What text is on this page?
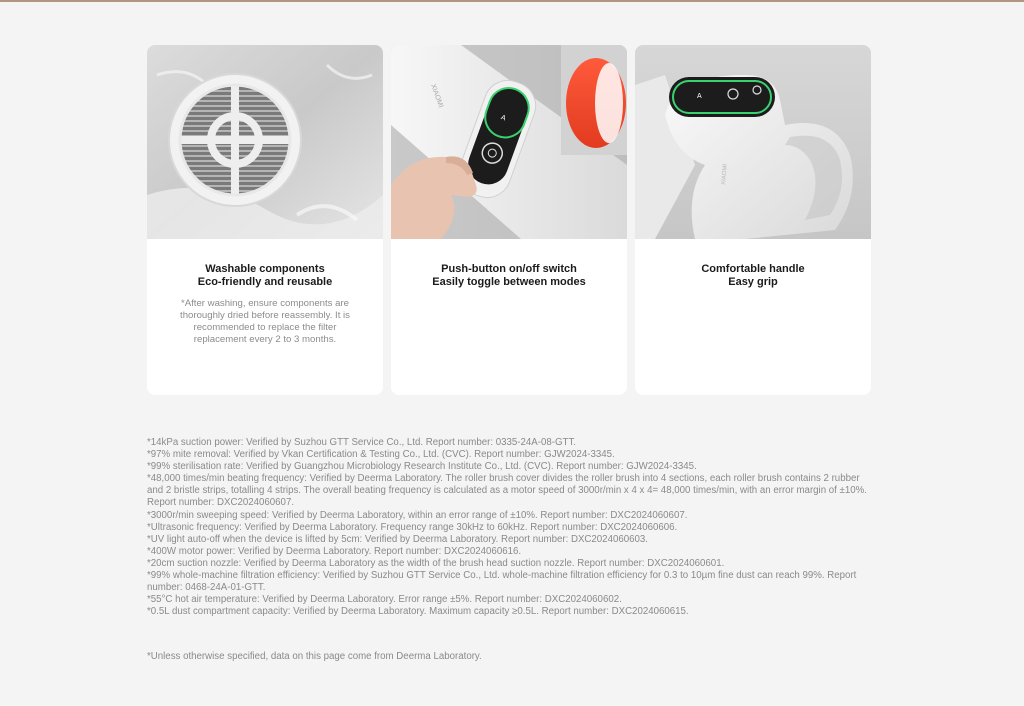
Washable components
Eco-friendly and reusable
*After washing, ensure components are thoroughly dried before reassembly. It is recommended to replace the filter replacement every 2 to 3 months.
XIAOMI
A
Push-button on/off switch
Easily toggle between modes
A
XIAOMI
Comfortable handle
Easy grip

*14kPa suction power: Verified by Suzhou GTT Service Co., Ltd. Report number: 0335-24A-08-GTT.

*97% mite removal: Verified by Vkan Certification & Testing Co., Ltd. (CVC). Report number: GJW2024-3345.

*99% sterilisation rate: Verified by Guangzhou Microbiology Research Institute Co., Ltd. (CVC). Report number: GJW2024-3345.

*48,000 times/min beating frequency: Verified by Deerma Laboratory. The roller brush cover divides the roller brush into 4 sections, each roller brush contains 2 rubber and 2 bristle strips, totalling 4 strips. The overall beating frequency is calculated as a motor speed of 3000r/min x 4 x 4= 48,000 times/min, with an error margin of ±10%. Report number: DXC2024060607.

*3000r/min sweeping speed: Verified by Deerma Laboratory, within an error range of ±10%. Report number: DXC2024060607.

*Ultrasonic frequency: Verified by Deerma Laboratory. Frequency range 30kHz to 60kHz. Report number: DXC2024060606.

*UV light auto-off when the device is lifted by 5cm: Verified by Deerma Laboratory. Report number: DXC2024060603.

*400W motor power: Verified by Deerma Laboratory. Report number: DXC2024060616.

*20cm suction nozzle: Verified by Deerma Laboratory as the width of the brush head suction nozzle. Report number: DXC2024060601.

*99% whole-machine filtration efficiency: Verified by Suzhou GTT Service Co., Ltd. whole-machine filtration efficiency for 0.3 to 10µm fine dust can reach 99%. Report number: 0468-24A-01-GTT.

*55°C hot air temperature: Verified by Deerma Laboratory. Error range ±5%. Report number: DXC2024060602.

*0.5L dust compartment capacity: Verified by Deerma Laboratory. Maximum capacity ≥0.5L. Report number: DXC2024060615.

*Unless otherwise specified, data on this page come from Deerma Laboratory.
